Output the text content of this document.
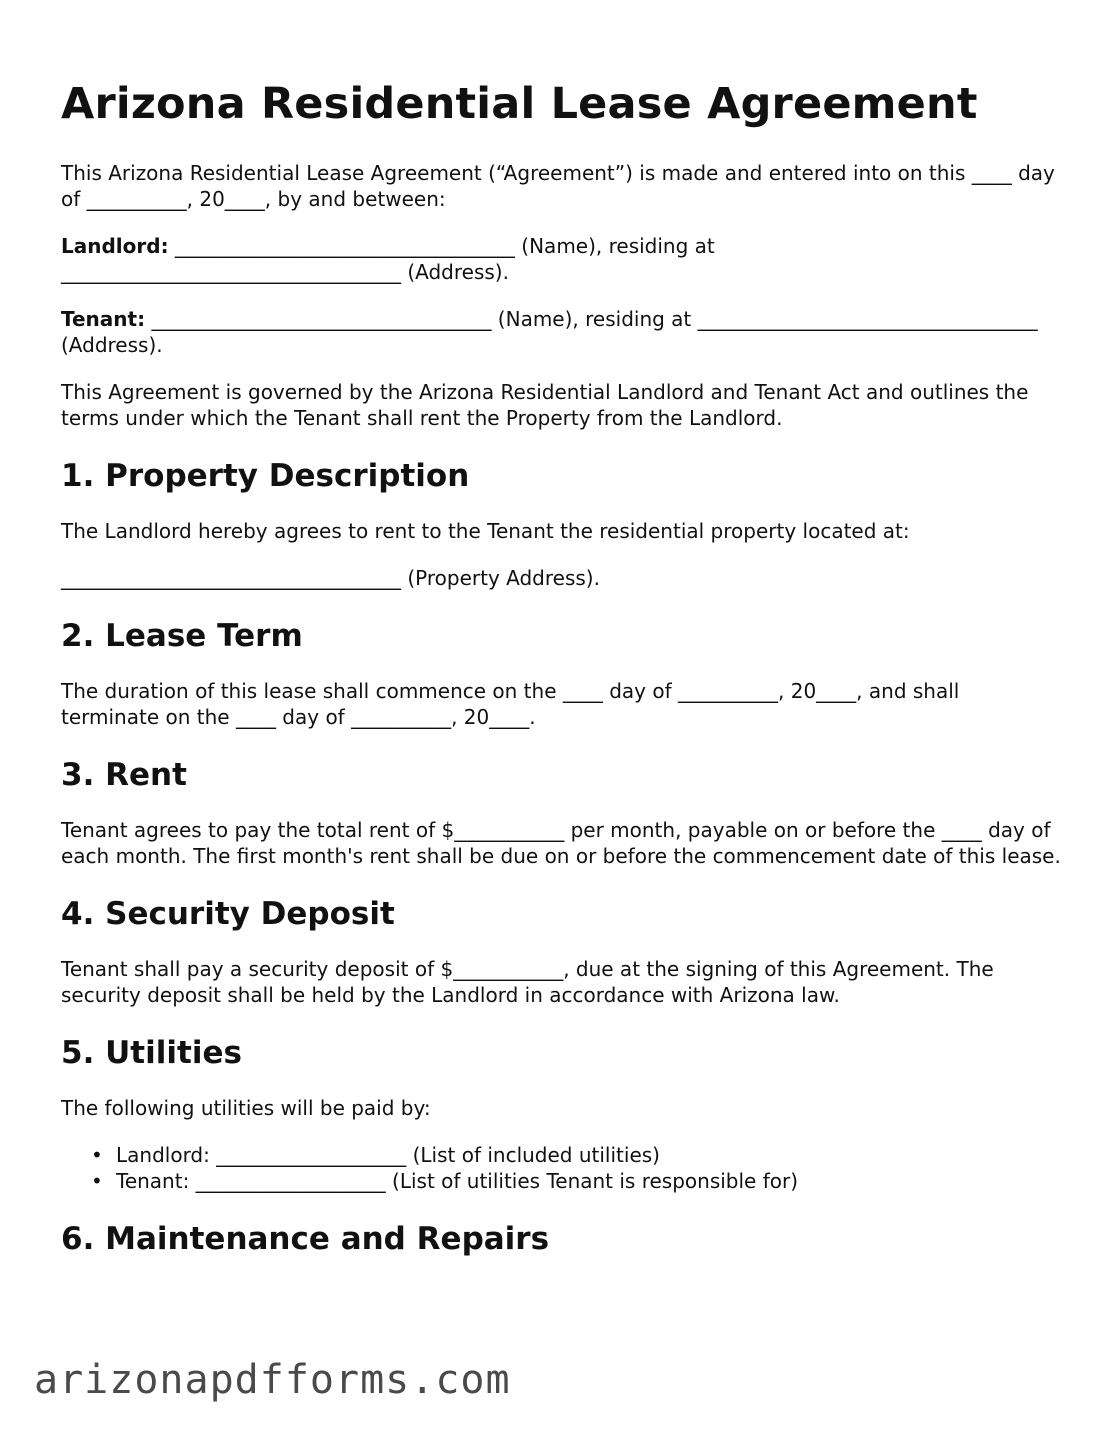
Arizona Residential Lease Agreement

This Arizona Residential Lease Agreement (“Agreement”) is made and entered into on this ____ day of __________, 20____, by and between:

Landlord: __________________________________ (Name), residing at __________________________________ (Address).

Tenant: __________________________________ (Name), residing at __________________________________ (Address).

This Agreement is governed by the Arizona Residential Landlord and Tenant Act and outlines the terms under which the Tenant shall rent the Property from the Landlord.

1. Property Description

The Landlord hereby agrees to rent to the Tenant the residential property located at:

__________________________________ (Property Address).

2. Lease Term

The duration of this lease shall commence on the ____ day of __________, 20____, and shall terminate on the ____ day of __________, 20____.

3. Rent

Tenant agrees to pay the total rent of $___________ per month, payable on or before the ____ day of each month. The first month's rent shall be due on or before the commencement date of this lease.

4. Security Deposit

Tenant shall pay a security deposit of $___________, due at the signing of this Agreement. The security deposit shall be held by the Landlord in accordance with Arizona law.

5. Utilities

The following utilities will be paid by:

• Landlord: ___________________ (List of included utilities)
• Tenant: ___________________ (List of utilities Tenant is responsible for)
6. Maintenance and Repairs
arizonapdfforms.com
